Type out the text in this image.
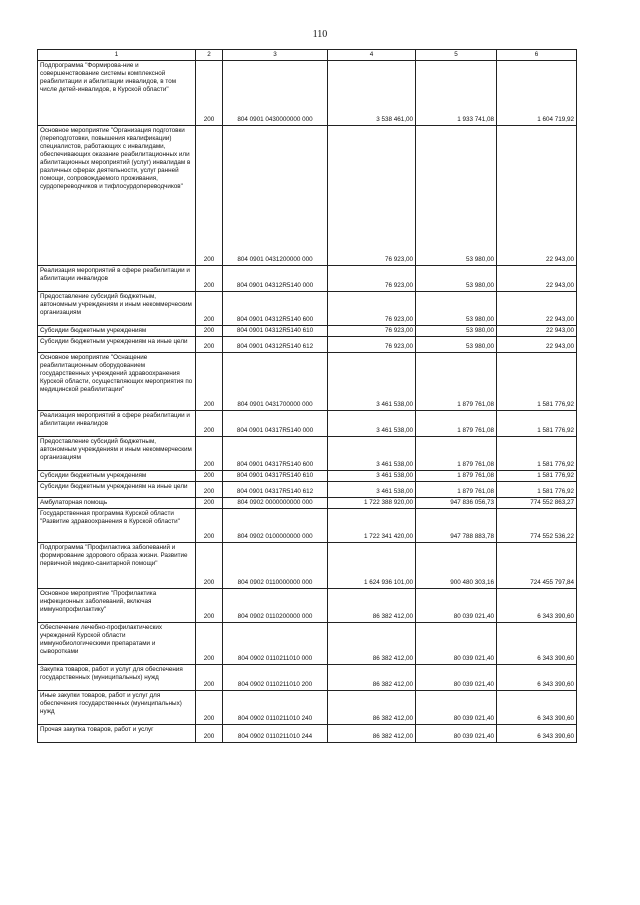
110
1	2	3	4	5	6
Подпрограмма "Формирова-ние и совершенствование системы комплексной реабилитации и абилитации инвалидов, в том числе детей-инвалидов, в Курской области"	200	804 0901 0430000000 000	3 538 461,00	1 933 741,08	1 604 719,92
Основное мероприятие "Организация подготовки (переподготовки, повышения квалификации) специалистов, работающих с инвалидами, обеспечивающих оказание реабилитационных или абилитационных мероприятий (услуг) инвалидам в различных сферах деятельности, услуг ранней помощи, сопровождаемого проживания, сурдопереводчиков и тифлосурдопереводчиков"	200	804 0901 0431200000 000	76 923,00	53 980,00	22 943,00
Реализация мероприятий в сфере реабилитации и абилитации инвалидов	200	804 0901 04312R5140 000	76 923,00	53 980,00	22 943,00
Предоставление субсидий бюджетным, автономным учреждениям и иным некоммерческим организациям	200	804 0901 04312R5140 600	76 923,00	53 980,00	22 943,00
Субсидии бюджетным учреждениям	200	804 0901 04312R5140 610	76 923,00	53 980,00	22 943,00
Субсидии бюджетным учреждениям на иные цели	200	804 0901 04312R5140 612	76 923,00	53 980,00	22 943,00
Основное мероприятие "Оснащение реабилитационным оборудованием государственных учреждений здравоохранения Курской области, осуществляющих мероприятия по медицинской реабилитации"	200	804 0901 0431700000 000	3 461 538,00	1 879 761,08	1 581 776,92
Реализация мероприятий в сфере реабилитации и абилитации инвалидов	200	804 0901 04317R5140 000	3 461 538,00	1 879 761,08	1 581 776,92
Предоставление субсидий бюджетным, автономным учреждениям и иным некоммерческим организациям	200	804 0901 04317R5140 600	3 461 538,00	1 879 761,08	1 581 776,92
Субсидии бюджетным учреждениям	200	804 0901 04317R5140 610	3 461 538,00	1 879 761,08	1 581 776,92
Субсидии бюджетным учреждениям на иные цели	200	804 0901 04317R5140 612	3 461 538,00	1 879 761,08	1 581 776,92
Амбулаторная помощь	200	804 0902 0000000000 000	1 722 388 920,00	947 836 056,73	774 552 863,27
Государственная программа Курской области "Развитие здравоохранения в Курской области"	200	804 0902 0100000000 000	1 722 341 420,00	947 788 883,78	774 552 536,22
Подпрограмма "Профилактика заболеваний и формирование здорового образа жизни. Развитие первичной медико-санитарной помощи"	200	804 0902 0110000000 000	1 624 936 101,00	900 480 303,16	724 455 797,84
Основное мероприятие "Профилактика инфекционных заболеваний, включая иммунопрофилактику"	200	804 0902 0110200000 000	86 382 412,00	80 039 021,40	6 343 390,60
Обеспечение лечебно-профилактических учреждений Курской области иммунобиологическими препаратами и сыворотками	200	804 0902 0110211010 000	86 382 412,00	80 039 021,40	6 343 390,60
Закупка товаров, работ и услуг для обеспечения государственных (муниципальных) нужд	200	804 0902 0110211010 200	86 382 412,00	80 039 021,40	6 343 390,60
Иные закупки товаров, работ и услуг для обеспечения государственных (муниципальных) нужд	200	804 0902 0110211010 240	86 382 412,00	80 039 021,40	6 343 390,60
Прочая закупка товаров, работ и услуг	200	804 0902 0110211010 244	86 382 412,00	80 039 021,40	6 343 390,60
